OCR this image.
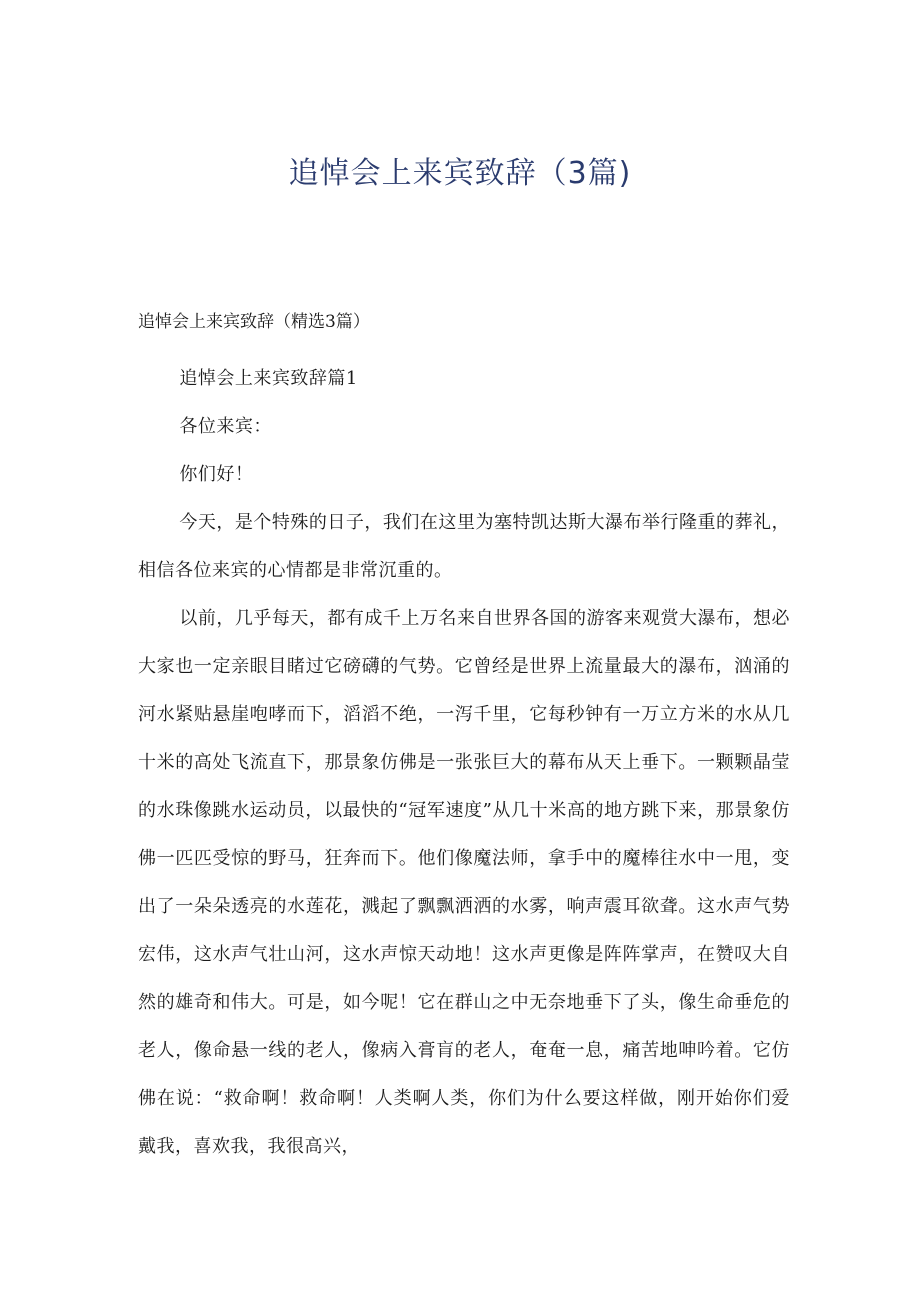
追悼会上来宾致辞（3篇)
追悼会上来宾致辞（精选3篇）

追悼会上来宾致辞篇1

各位来宾：

你们好！

今天，是个特殊的日子，我们在这里为塞特凯达斯大瀑布举行隆重的葬礼，相信各位来宾的心情都是非常沉重的。

以前，几乎每天，都有成千上万名来自世界各国的游客来观赏大瀑布，想必大家也一定亲眼目睹过它磅礴的气势。它曾经是世界上流量最大的瀑布，汹涌的河水紧贴悬崖咆哮而下，滔滔不绝，一泻千里，它每秒钟有一万立方米的水从几十米的高处飞流直下，那景象仿佛是一张张巨大的幕布从天上垂下。一颗颗晶莹的水珠像跳水运动员，以最快的“冠军速度”从几十米高的地方跳下来，那景象仿佛一匹匹受惊的野马，狂奔而下。他们像魔法师，拿手中的魔棒往水中一甩，变出了一朵朵透亮的水莲花，溅起了飘飘洒洒的水雾，响声震耳欲聋。这水声气势宏伟，这水声气壮山河，这水声惊天动地！这水声更像是阵阵掌声，在赞叹大自然的雄奇和伟大。可是，如今呢！它在群山之中无奈地垂下了头，像生命垂危的老人，像命悬一线的老人，像病入膏肓的老人，奄奄一息，痛苦地呻吟着。它仿佛在说：“救命啊！救命啊！人类啊人类，你们为什么要这样做，刚开始你们爱戴我，喜欢我，我很高兴，
